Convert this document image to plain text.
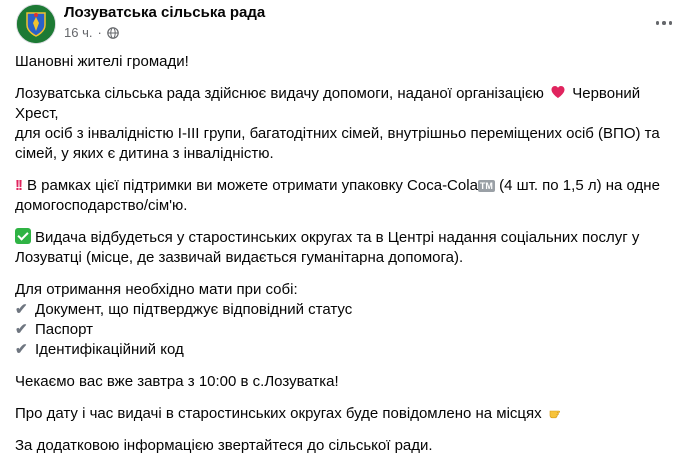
Лозуватська сільська рада
16 ч. ·

Шановні жителі громади!

Лозуватська сільська рада здійснює видачу допомоги, наданої організацією Червоний Хрест,
для осіб з інвалідністю І-ІІІ групи, багатодітних сімей, внутрішньо переміщених осіб (ВПО) та
сімей, у яких є дитина з інвалідністю.

!! В рамках цієї підтримки ви можете отримати упаковку Coca-Cola TM (4 шт. по 1,5 л) на одне
домогосподарство/сім'ю.

Видача відбудеться у старостинських округах та в Центрі надання соціальних послуг у
Лозуватці (місце, де зазвичай видається гуманітарна допомога).

Для отримання необхідно мати при собі:
✔ Документ, що підтверджує відповідний статус
✔ Паспорт
✔ Ідентифікаційний код

Чекаємо вас вже завтра з 10:00 в с.Лозуватка!

Про дату і час видачі в старостинських округах буде повідомлено на місцях

За додатковою інформацією звертайтеся до сільської ради.
